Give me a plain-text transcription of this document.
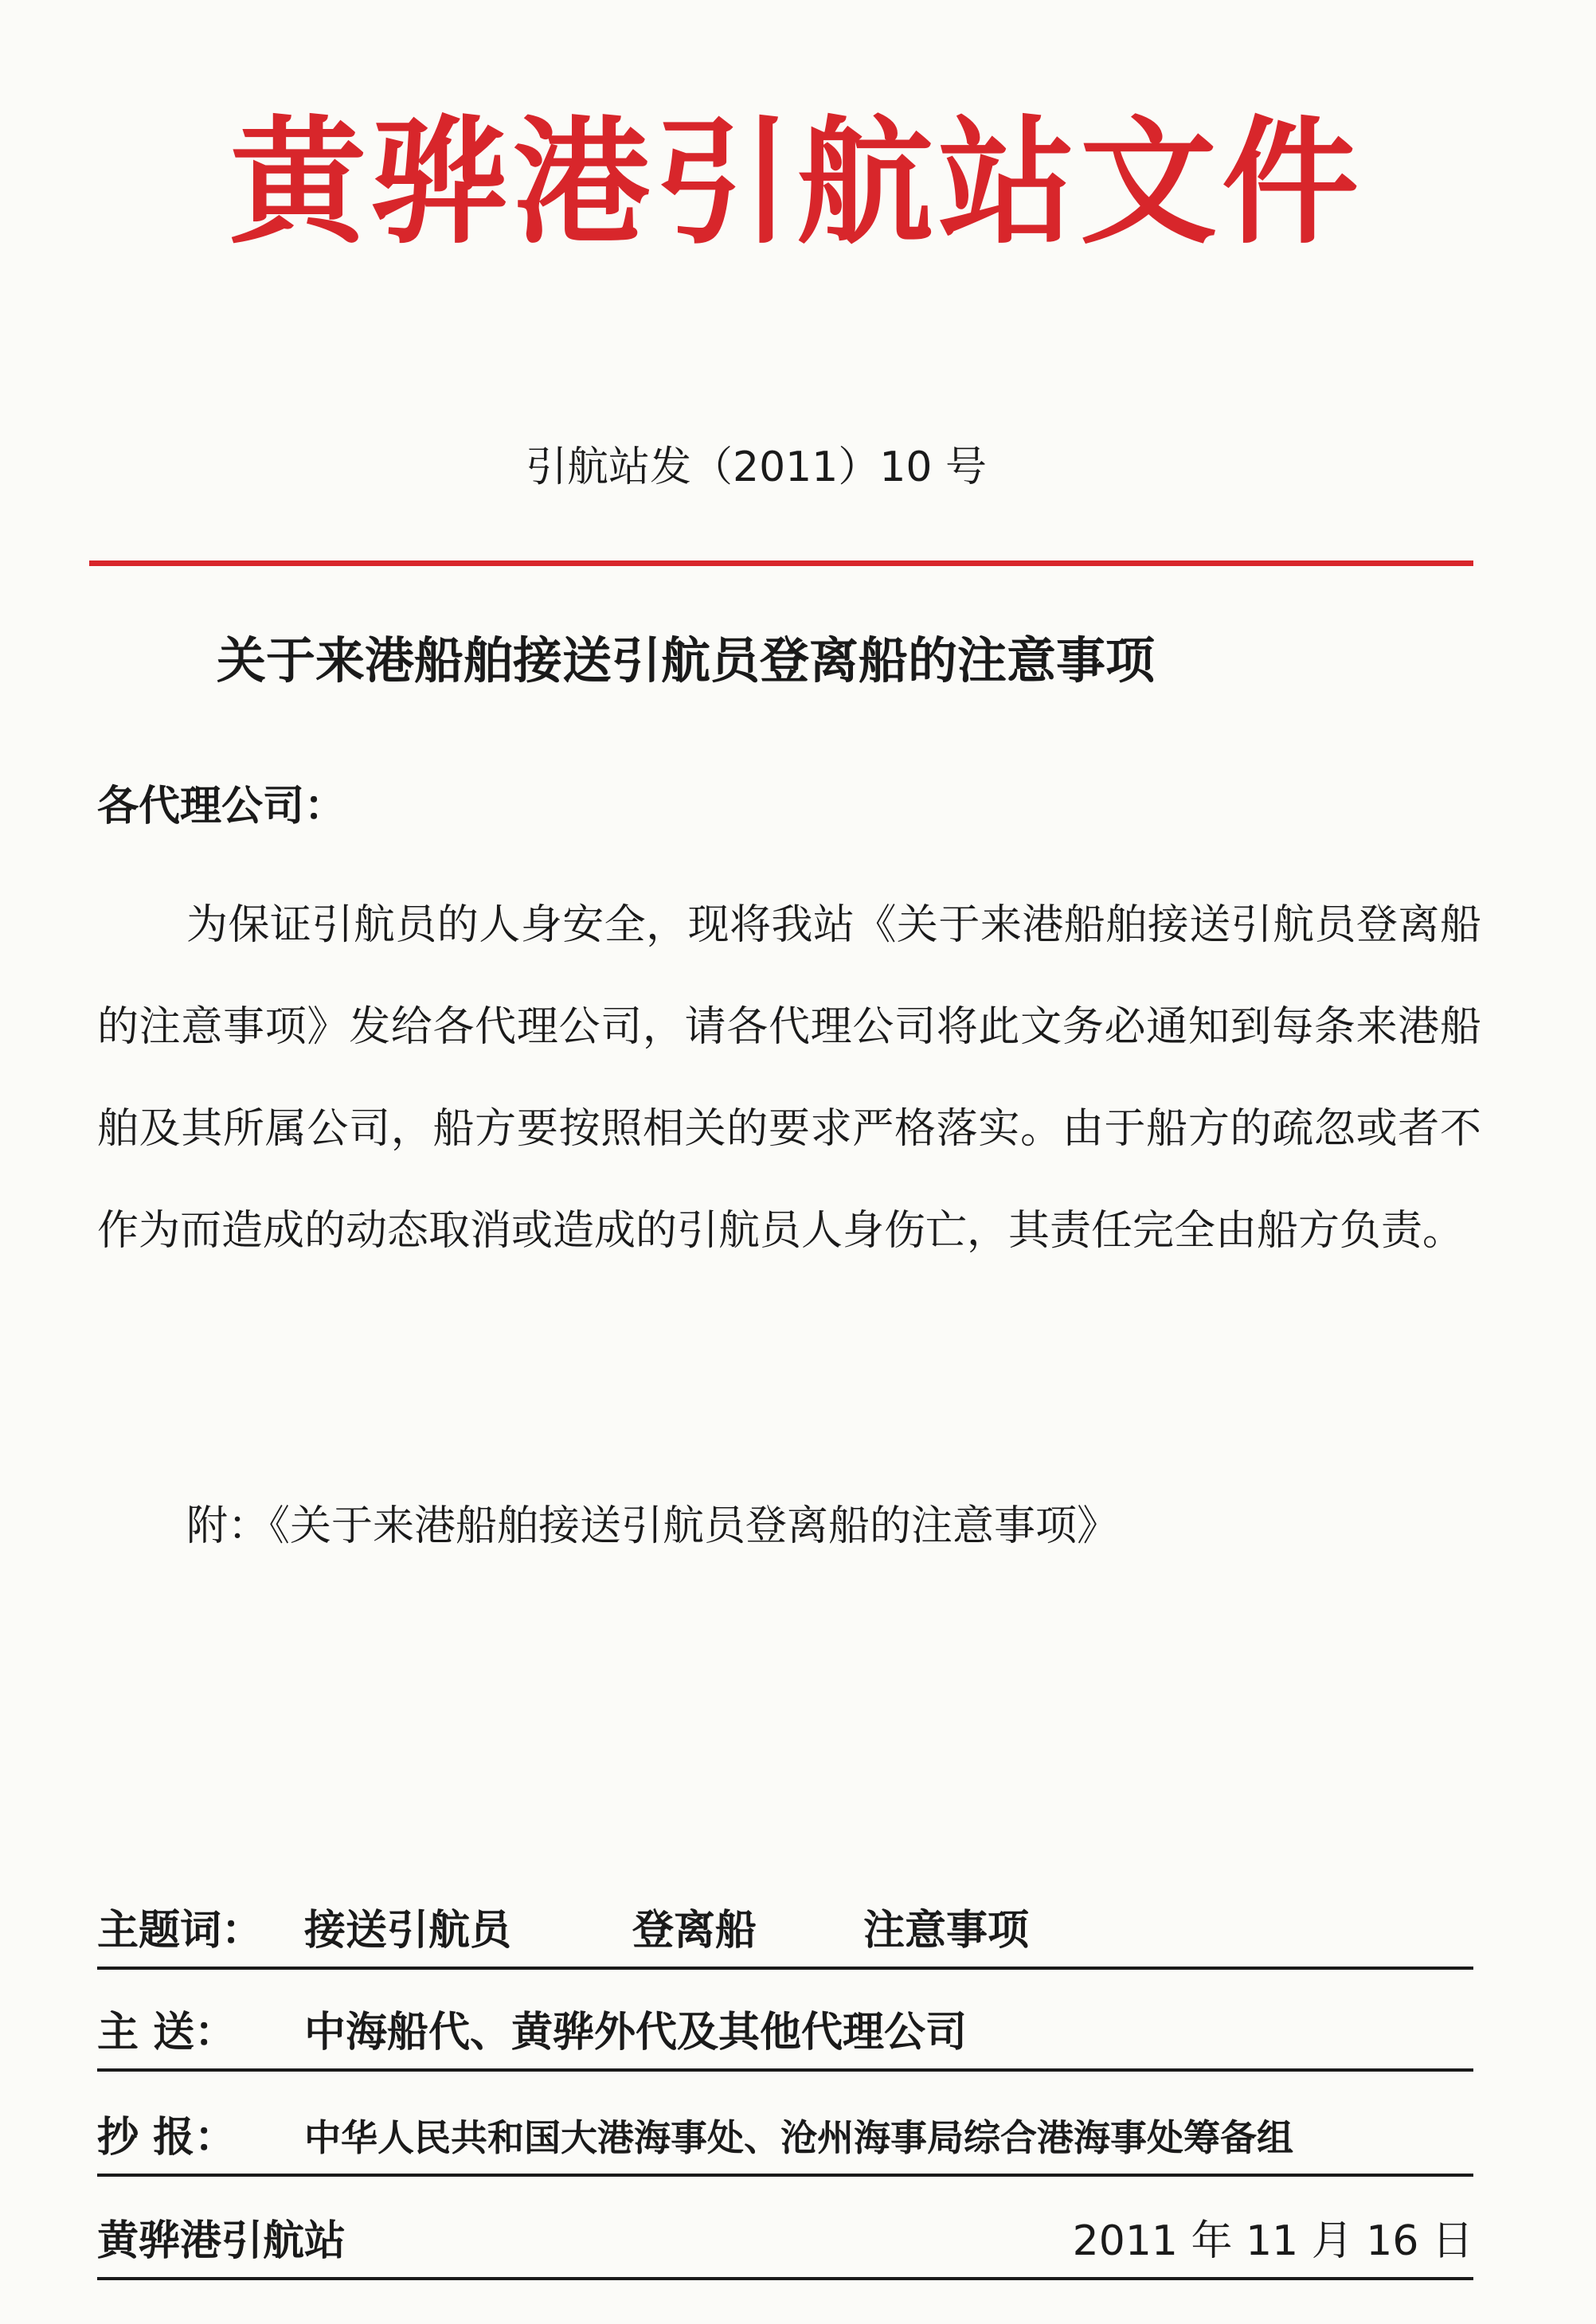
黄骅港引航站文件
引航站发（2011）10 号
关于来港船舶接送引航员登离船的注意事项
各代理公司：
为保证引航员的人身安全，现将我站《关于来港船舶接送引航员登离船的注意事项》发给各代理公司，请各代理公司将此文务必通知到每条来港船舶及其所属公司，船方要按照相关的要求严格落实。由于船方的疏忽或者不作为而造成的动态取消或造成的引航员人身伤亡，其责任完全由船方负责。
附：《关于来港船舶接送引航员登离船的注意事项》
主题词： 接送引航员	登离船	注意事项
主 送： 中海船代、黄骅外代及其他代理公司
抄 报： 中华人民共和国大港海事处、沧州海事局综合港海事处筹备组
黄骅港引航站	2011 年 11 月 16 日
